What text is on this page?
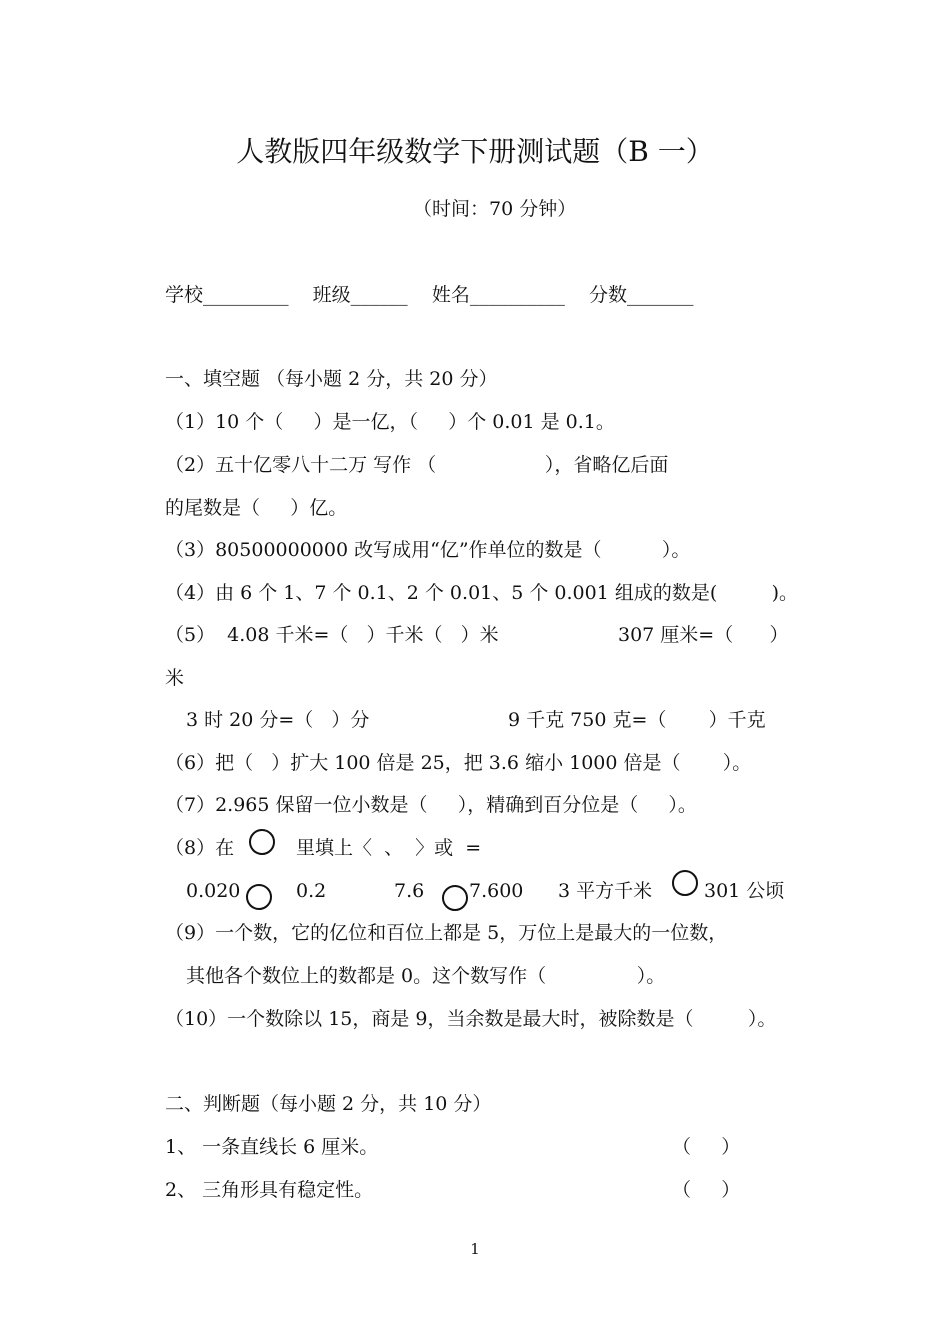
人教版四年级数学下册测试题（B 一）
（时间：70 分钟）
学校_________    班级______    姓名__________    分数_______
一、填空题 （每小题 2 分，共 20 分）
（1）10 个（     ）是一亿，（     ）个 0.01 是 0.1。
（2）五十亿零八十二万 写作 （                  ），省略亿后面
的尾数是（     ）亿。
（3）80500000000 改写成用“亿”作单位的数是（          ）。
（4）由 6 个 1、7 个 0.1、2 个 0.01、5 个 0.001 组成的数是(         )。
（5）  4.08 千米=（   ）千米（   ）米	307 厘米=（      ）
米
3 时 20 分=（   ）分	9 千克 750 克=（       ）千克
（6）把（   ）扩大 100 倍是 25，把 3.6 缩小 1000 倍是（       ）。
（7）2.965 保留一位小数是（     ），精确到百分位是（     ）。
（8）在	里填上〈  、  〉或  =
0.020	0.2	7.6 7.600 3 平方千米	301 公顷
（9）一个数，它的亿位和百位上都是 5，万位上是最大的一位数，
其他各个数位上的数都是 0。这个数写作（               ）。
（10）一个数除以 15，商是 9，当余数是最大时，被除数是（         ）。
二、判断题（每小题 2 分，共 10 分）
1、 一条直线长 6 厘米。	（     ）
2、 三角形具有稳定性。	（     ）
1
